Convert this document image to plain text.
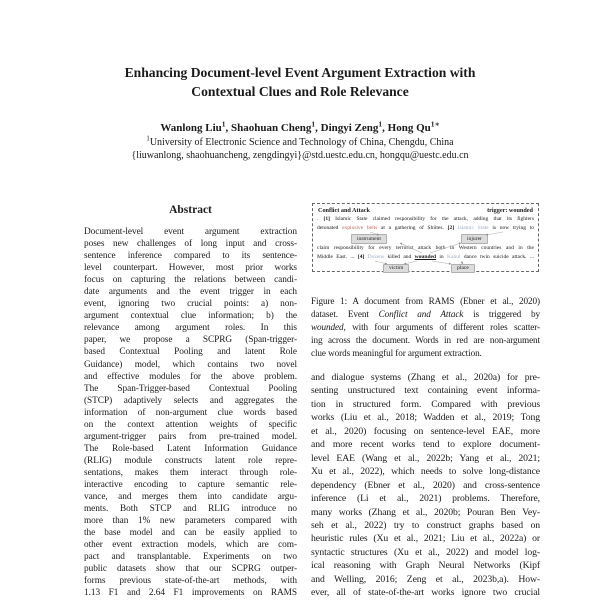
Enhancing Document-level Event Argument Extraction with
Contextual Clues and Role Relevance
Wanlong Liu$^1$, Shaohuan Cheng$^1$, Dingyi Zeng$^1$, Hong $Qu^{1∗}$
$^1$University of Electronic Science and Technology of China, Chengdu, China
{liuwanlong, shaohuancheng, zengdingyi}@std.uestc.edu.cn, hongqu@uestc.edu.cn
Abstract
Document-level event argument extraction
poses new challenges of long input and cross-
sentence inference compared to its sentence-
level counterpart. However, most prior works
focus on capturing the relations between candi-
date arguments and the event trigger in each
event, ignoring two crucial points: a) non-
argument contextual clue information; b) the
relevance among argument roles. In this
paper, we propose a SCPRG (Span-trigger-
based Contextual Pooling and latent Role
Guidance) model, which contains two novel
and effective modules for the above problem.
The Span-Trigger-based Contextual Pooling
(STCP) adaptively selects and aggregates the
information of non-argument clue words based
on the context attention weights of specific
argument-trigger pairs from pre-trained model.
The Role-based Latent Information Guidance
(RLIG) module constructs latent role repre-
sentations, makes them interact through role-
interactive encoding to capture semantic rele-
vance, and merges them into candidate argu-
ments. Both STCP and RLIG introduce no
more than 1% new parameters compared with
the base model and can be easily applied to
other event extraction models, which are com-
pact and transplantable. Experiments on two
public datasets show that our SCPRG outper-
forms previous state-of-the-art methods, with
1.13 F1 and 2.64 F1 improvements on RAMS
Conflict and Attack	trigger: wounded
. [1] Islamic State claimed responsibility for the attack, adding that its fighters
detonated explosive belts at a gathering of Shiites. [2] Islamic State is now trying to
claim responsibility for every terrorist attack both in Western countries and in the
Middle East. ... [4] Dozens killed and wounded in Kabul dance twin suicide attack. ...
instrument	injurer
victim	place
Figure 1: A document from RAMS (Ebner et al., 2020)
dataset. Event Conflict and Attack is triggered by
wounded, with four arguments of different roles scatter-
ing across the document. Words in red are non-argument
clue words meaningful for argument extraction.
and dialogue systems (Zhang et al., 2020a) for pre-
senting unstructured text containing event informa-
tion in structured form. Compared with previous
works (Liu et al., 2018; Wadden et al., 2019; Tong
et al., 2020) focusing on sentence-level EAE, more
and more recent works tend to explore document-
level EAE (Wang et al., 2022b; Yang et al., 2021;
Xu et al., 2022), which needs to solve long-distance
dependency (Ebner et al., 2020) and cross-sentence
inference (Li et al., 2021) problems. Therefore,
many works (Zhang et al., 2020b; Pouran Ben Vey-
seh et al., 2022) try to construct graphs based on
heuristic rules (Xu et al., 2021; Liu et al., 2022a) or
syntactic structures (Xu et al., 2022) and model log-
ical reasoning with Graph Neural Networks (Kipf
and Welling, 2016; Zeng et al., 2023b,a). How-
ever, all of state-of-the-art works ignore two crucial
